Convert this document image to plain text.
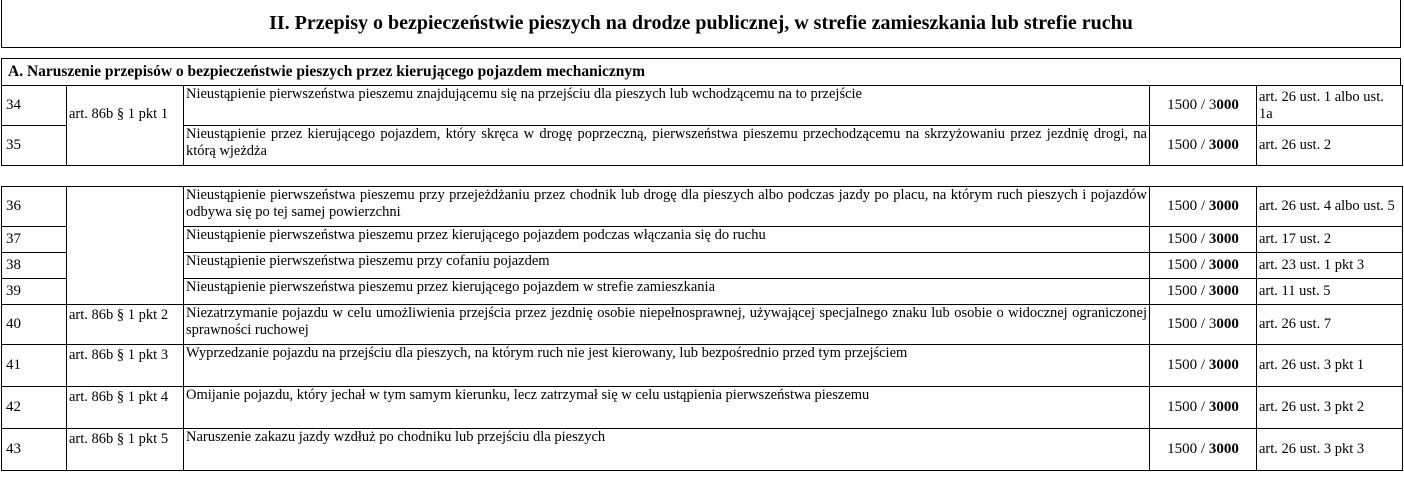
II. Przepisy o bezpieczeństwie pieszych na drodze publicznej, w strefie zamieszkania lub strefie ruchu
A. Naruszenie przepisów o bezpieczeństwie pieszych przez kierującego pojazdem mechanicznym
34	art. 86b § 1 pkt 1	Nieustąpienie pierwszeństwa pieszemu znajdującemu się na przejściu dla pieszych lub wchodzącemu na to przejście	1500 / 3000	art. 26 ust. 1 albo ust. 1a
35		Nieustąpienie przez kierującego pojazdem, który skręca w drogę poprzeczną, pierwszeństwa pieszemu przechodzącemu na skrzyżowaniu przez jezdnię drogi, na którą wjeżdża	1500 / 3000	art. 26 ust. 2
36		Nieustąpienie pierwszeństwa pieszemu przy przejeżdżaniu przez chodnik lub drogę dla pieszych albo podczas jazdy po placu, na którym ruch pieszych i pojazdów odbywa się po tej samej powierzchni	1500 / 3000	art. 26 ust. 4 albo ust. 5
37		Nieustąpienie pierwszeństwa pieszemu przez kierującego pojazdem podczas włączania się do ruchu	1500 / 3000	art. 17 ust. 2
38		Nieustąpienie pierwszeństwa pieszemu przy cofaniu pojazdem	1500 / 3000	art. 23 ust. 1 pkt 3
39		Nieustąpienie pierwszeństwa pieszemu przez kierującego pojazdem w strefie zamieszkania	1500 / 3000	art. 11 ust. 5
40	art. 86b § 1 pkt 2	Niezatrzymanie pojazdu w celu umożliwienia przejścia przez jezdnię osobie niepełnosprawnej, używającej specjalnego znaku lub osobie o widocznej ograniczonej sprawności ruchowej	1500 / 3000	art. 26 ust. 7
41	art. 86b § 1 pkt 3	Wyprzedzanie pojazdu na przejściu dla pieszych, na którym ruch nie jest kierowany, lub bezpośrednio przed tym przejściem	1500 / 3000	art. 26 ust. 3 pkt 1
42	art. 86b § 1 pkt 4	Omijanie pojazdu, który jechał w tym samym kierunku, lecz zatrzymał się w celu ustąpienia pierwszeństwa pieszemu	1500 / 3000	art. 26 ust. 3 pkt 2
43	art. 86b § 1 pkt 5	Naruszenie zakazu jazdy wzdłuż po chodniku lub przejściu dla pieszych	1500 / 3000	art. 26 ust. 3 pkt 3
